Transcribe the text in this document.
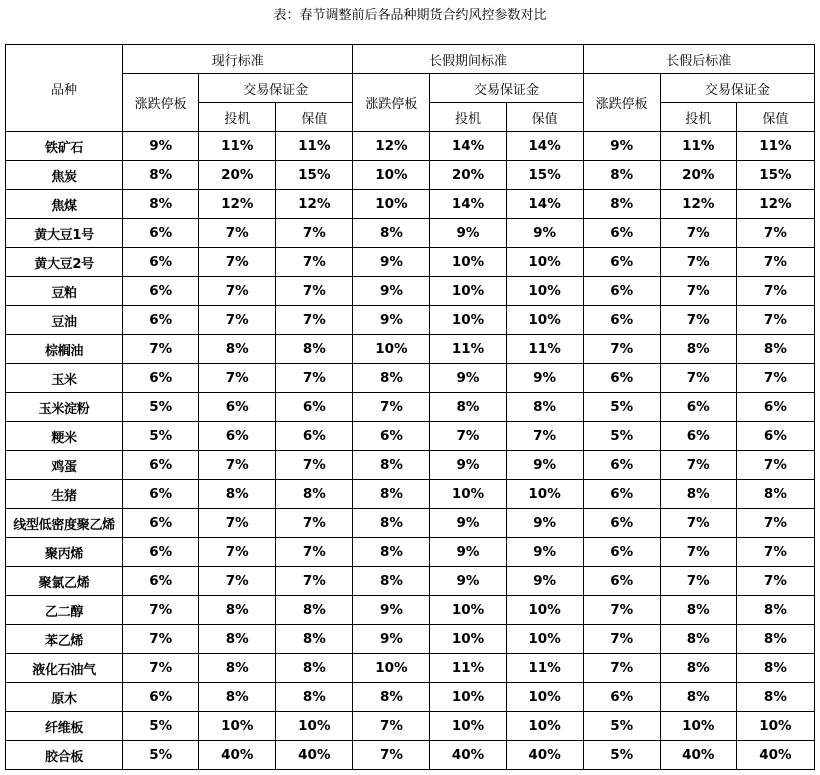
表：春节调整前后各品种期货合约风控参数对比
品种	现行标准			长假期间标准			长假后标准		
	涨跌停板	交易保证金		涨跌停板	交易保证金		涨跌停板	交易保证金	
		投机	保值		投机	保值		投机	保值
铁矿石	9%	11%	11%	12%	14%	14%	9%	11%	11%
焦炭	8%	20%	15%	10%	20%	15%	8%	20%	15%
焦煤	8%	12%	12%	10%	14%	14%	8%	12%	12%
黄大豆1号	6%	7%	7%	8%	9%	9%	6%	7%	7%
黄大豆2号	6%	7%	7%	9%	10%	10%	6%	7%	7%
豆粕	6%	7%	7%	9%	10%	10%	6%	7%	7%
豆油	6%	7%	7%	9%	10%	10%	6%	7%	7%
棕榈油	7%	8%	8%	10%	11%	11%	7%	8%	8%
玉米	6%	7%	7%	8%	9%	9%	6%	7%	7%
玉米淀粉	5%	6%	6%	7%	8%	8%	5%	6%	6%
粳米	5%	6%	6%	6%	7%	7%	5%	6%	6%
鸡蛋	6%	7%	7%	8%	9%	9%	6%	7%	7%
生猪	6%	8%	8%	8%	10%	10%	6%	8%	8%
线型低密度聚乙烯	6%	7%	7%	8%	9%	9%	6%	7%	7%
聚丙烯	6%	7%	7%	8%	9%	9%	6%	7%	7%
聚氯乙烯	6%	7%	7%	8%	9%	9%	6%	7%	7%
乙二醇	7%	8%	8%	9%	10%	10%	7%	8%	8%
苯乙烯	7%	8%	8%	9%	10%	10%	7%	8%	8%
液化石油气	7%	8%	8%	10%	11%	11%	7%	8%	8%
原木	6%	8%	8%	8%	10%	10%	6%	8%	8%
纤维板	5%	10%	10%	7%	10%	10%	5%	10%	10%
胶合板	5%	40%	40%	7%	40%	40%	5%	40%	40%
